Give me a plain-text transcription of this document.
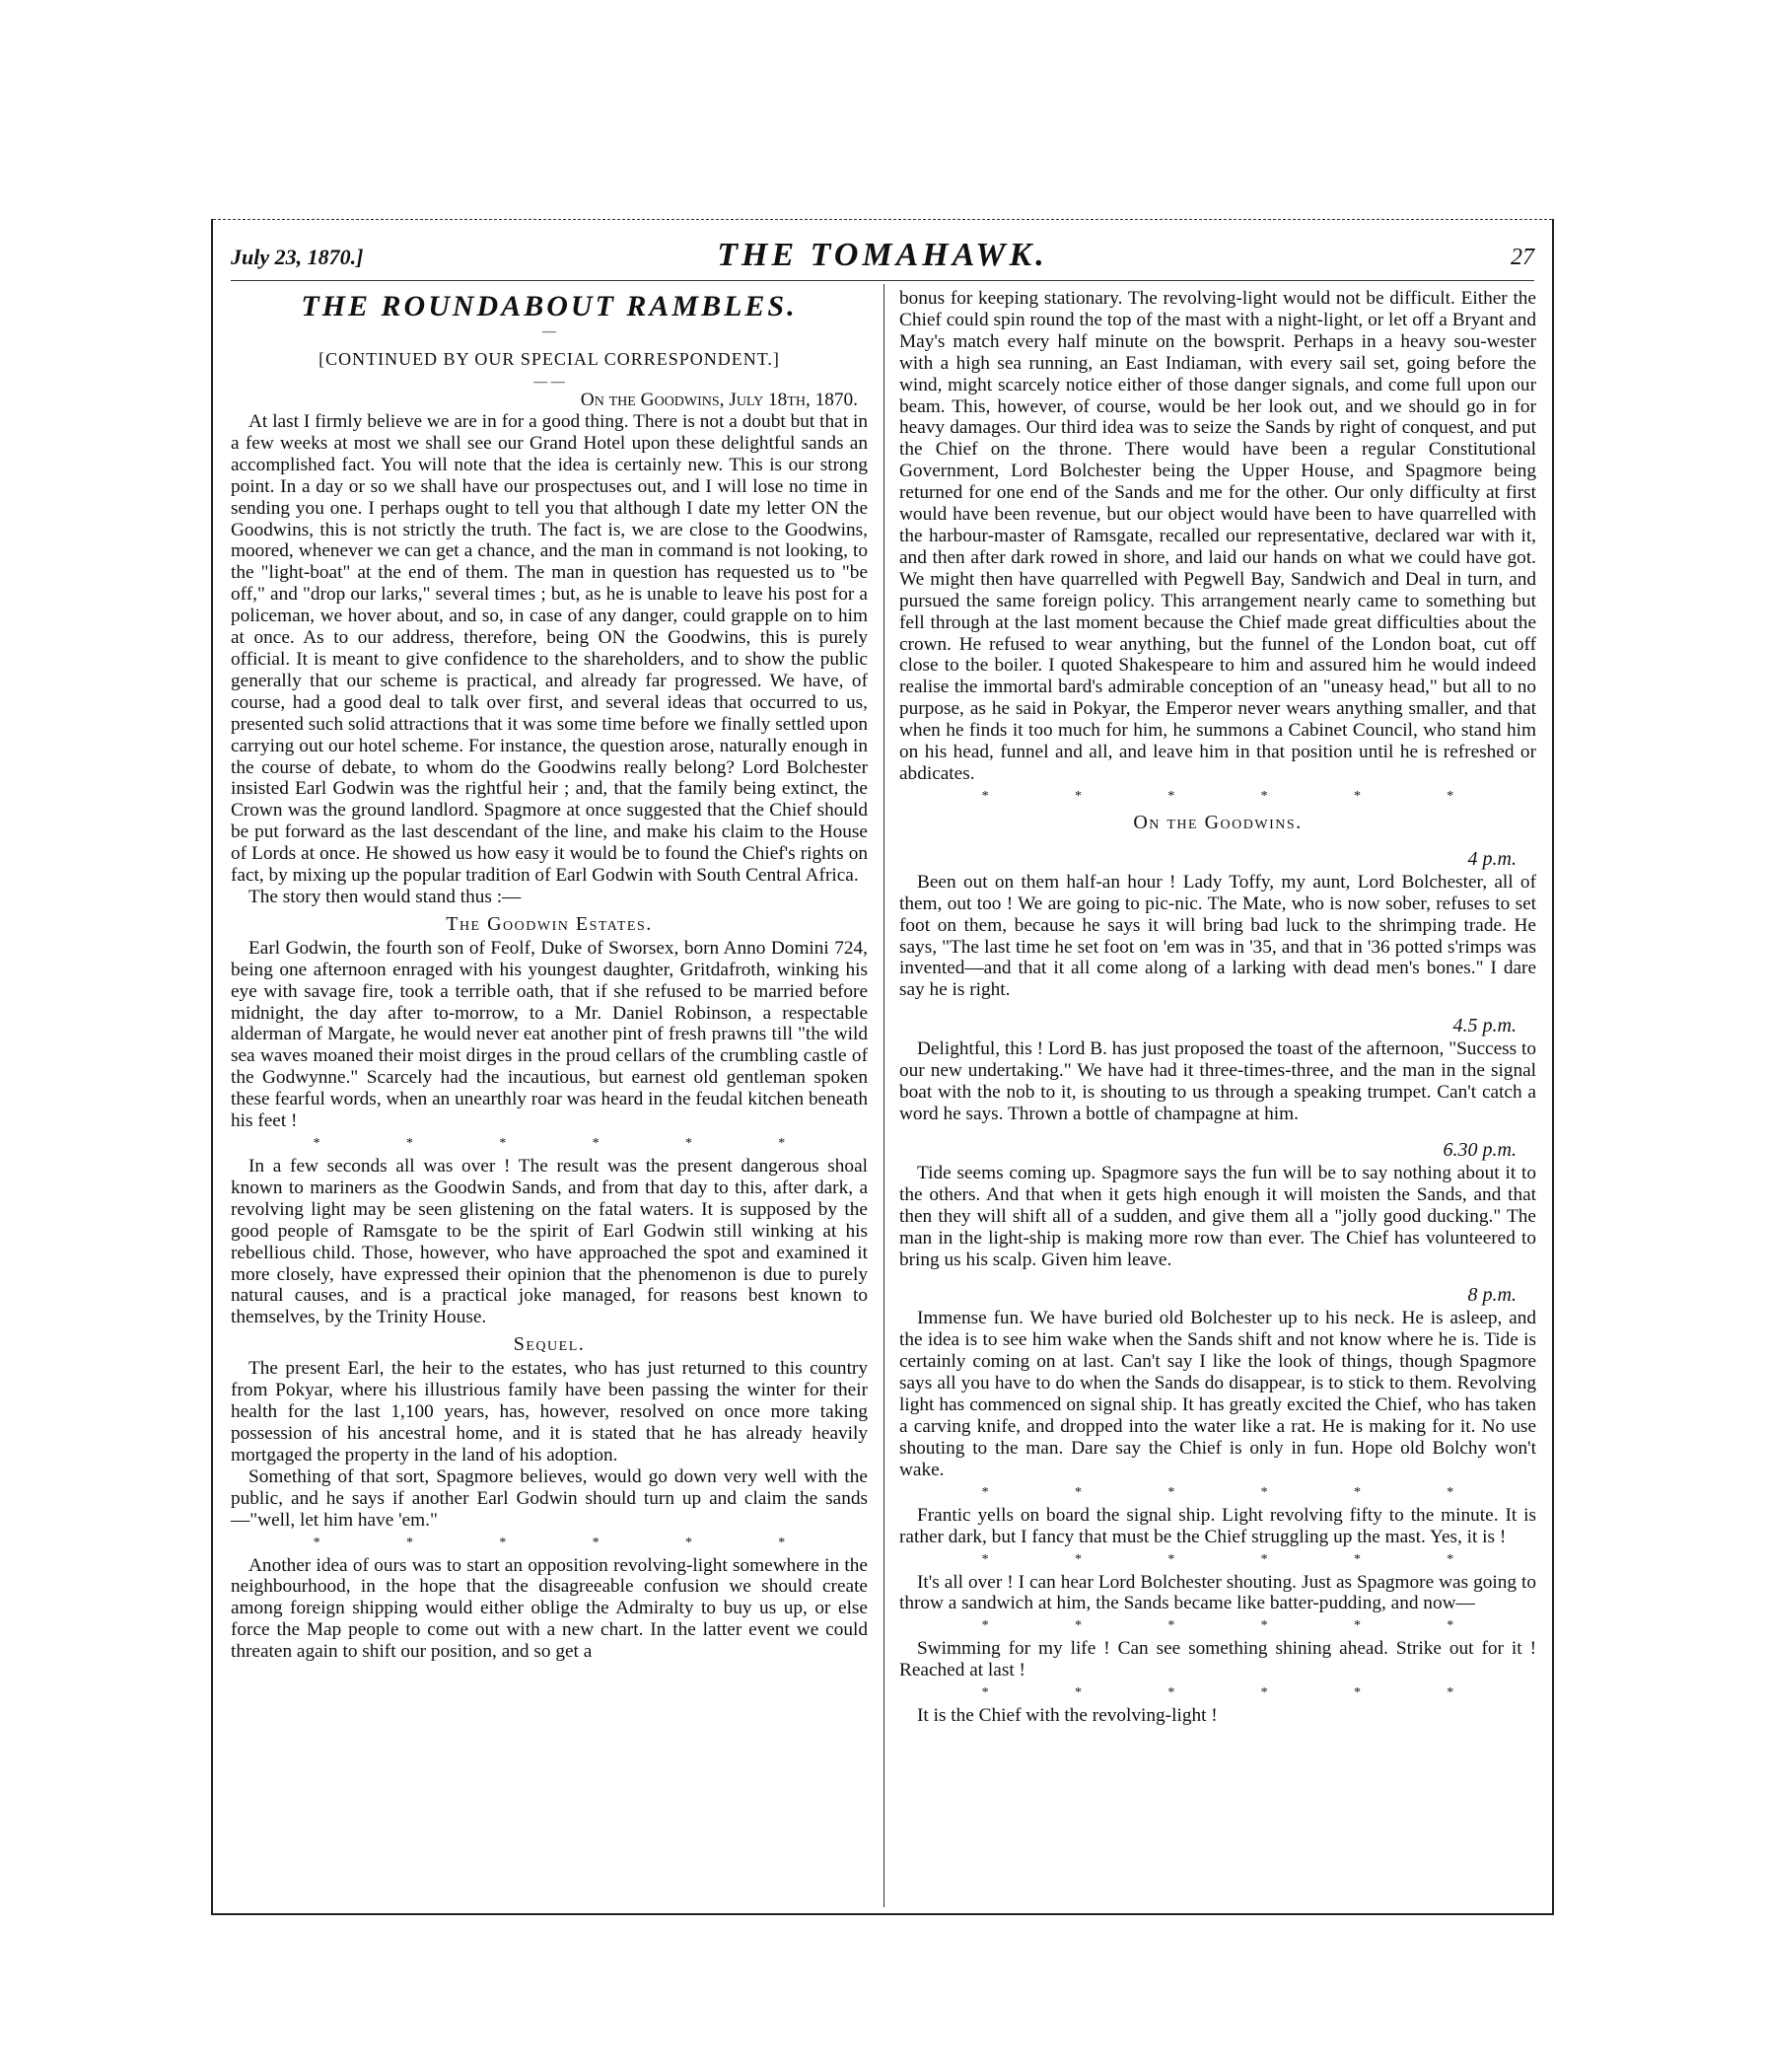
July 23, 1870.]	THE TOMAHAWK.	27
THE ROUNDABOUT RAMBLES.
—
[CONTINUED BY OUR SPECIAL CORRESPONDENT.]
— —
On the Goodwins, July 18th, 1870.

At last I firmly believe we are in for a good thing. There is not a doubt but that in a few weeks at most we shall see our Grand Hotel upon these delightful sands an accomplished fact. You will note that the idea is certainly new. This is our strong point. In a day or so we shall have our prospectuses out, and I will lose no time in sending you one. I perhaps ought to tell you that although I date my letter ON the Goodwins, this is not strictly the truth. The fact is, we are close to the Goodwins, moored, whenever we can get a chance, and the man in command is not looking, to the "light-boat" at the end of them. The man in question has requested us to "be off," and "drop our larks," several times ; but, as he is unable to leave his post for a policeman, we hover about, and so, in case of any danger, could grapple on to him at once. As to our address, therefore, being ON the Goodwins, this is purely official. It is meant to give confidence to the shareholders, and to show the public generally that our scheme is practical, and already far progressed. We have, of course, had a good deal to talk over first, and several ideas that occurred to us, presented such solid attractions that it was some time before we finally settled upon carrying out our hotel scheme. For instance, the question arose, naturally enough in the course of debate, to whom do the Goodwins really belong? Lord Bolchester insisted Earl Godwin was the rightful heir ; and, that the family being extinct, the Crown was the ground landlord. Spagmore at once suggested that the Chief should be put forward as the last descendant of the line, and make his claim to the House of Lords at once. He showed us how easy it would be to found the Chief's rights on fact, by mixing up the popular tradition of Earl Godwin with South Central Africa.

The story then would stand thus :—

The Goodwin Estates.

Earl Godwin, the fourth son of Feolf, Duke of Sworsex, born Anno Domini 724, being one afternoon enraged with his youngest daughter, Gritdafroth, winking his eye with savage fire, took a terrible oath, that if she refused to be married before midnight, the day after to-morrow, to a Mr. Daniel Robinson, a respectable alderman of Margate, he would never eat another pint of fresh prawns till "the wild sea waves moaned their moist dirges in the proud cellars of the crumbling castle of the Godwynne." Scarcely had the incautious, but earnest old gentleman spoken these fearful words, when an unearthly roar was heard in the feudal kitchen beneath his feet !

*	*	*	*	*	*

In a few seconds all was over ! The result was the present dangerous shoal known to mariners as the Goodwin Sands, and from that day to this, after dark, a revolving light may be seen glistening on the fatal waters. It is supposed by the good people of Ramsgate to be the spirit of Earl Godwin still winking at his rebellious child. Those, however, who have approached the spot and examined it more closely, have expressed their opinion that the phenomenon is due to purely natural causes, and is a practical joke managed, for reasons best known to themselves, by the Trinity House.

Sequel.

The present Earl, the heir to the estates, who has just returned to this country from Pokyar, where his illustrious family have been passing the winter for their health for the last 1,100 years, has, however, resolved on once more taking possession of his ancestral home, and it is stated that he has already heavily mortgaged the property in the land of his adoption.

Something of that sort, Spagmore believes, would go down very well with the public, and he says if another Earl Godwin should turn up and claim the sands—"well, let him have 'em."

*	*	*	*	*	*

Another idea of ours was to start an opposition revolving-light somewhere in the neighbourhood, in the hope that the disagreeable confusion we should create among foreign shipping would either oblige the Admiralty to buy us up, or else force the Map people to come out with a new chart. In the latter event we could threaten again to shift our position, and so get a

bonus for keeping stationary. The revolving-light would not be difficult. Either the Chief could spin round the top of the mast with a night-light, or let off a Bryant and May's match every half minute on the bowsprit. Perhaps in a heavy sou-wester with a high sea running, an East Indiaman, with every sail set, going before the wind, might scarcely notice either of those danger signals, and come full upon our beam. This, however, of course, would be her look out, and we should go in for heavy damages. Our third idea was to seize the Sands by right of conquest, and put the Chief on the throne. There would have been a regular Constitutional Government, Lord Bolchester being the Upper House, and Spagmore being returned for one end of the Sands and me for the other. Our only difficulty at first would have been revenue, but our object would have been to have quarrelled with the harbour-master of Ramsgate, recalled our representative, declared war with it, and then after dark rowed in shore, and laid our hands on what we could have got. We might then have quarrelled with Pegwell Bay, Sandwich and Deal in turn, and pursued the same foreign policy. This arrangement nearly came to something but fell through at the last moment because the Chief made great difficulties about the crown. He refused to wear anything, but the funnel of the London boat, cut off close to the boiler. I quoted Shakespeare to him and assured him he would indeed realise the immortal bard's admirable conception of an "uneasy head," but all to no purpose, as he said in Pokyar, the Emperor never wears anything smaller, and that when he finds it too much for him, he summons a Cabinet Council, who stand him on his head, funnel and all, and leave him in that position until he is refreshed or abdicates.

*	*	*	*	*	*
On the Goodwins.
4 p.m.

Been out on them half-an hour ! Lady Toffy, my aunt, Lord Bolchester, all of them, out too ! We are going to pic-nic. The Mate, who is now sober, refuses to set foot on them, because he says it will bring bad luck to the shrimping trade. He says, "The last time he set foot on 'em was in '35, and that in '36 potted s'rimps was invented—and that it all come along of a larking with dead men's bones." I dare say he is right.

4.5 p.m.

Delightful, this ! Lord B. has just proposed the toast of the afternoon, "Success to our new undertaking." We have had it three-times-three, and the man in the signal boat with the nob to it, is shouting to us through a speaking trumpet. Can't catch a word he says. Thrown a bottle of champagne at him.

6.30 p.m.

Tide seems coming up. Spagmore says the fun will be to say nothing about it to the others. And that when it gets high enough it will moisten the Sands, and that then they will shift all of a sudden, and give them all a "jolly good ducking." The man in the light-ship is making more row than ever. The Chief has volunteered to bring us his scalp. Given him leave.

8 p.m.

Immense fun. We have buried old Bolchester up to his neck. He is asleep, and the idea is to see him wake when the Sands shift and not know where he is. Tide is certainly coming on at last. Can't say I like the look of things, though Spagmore says all you have to do when the Sands do disappear, is to stick to them. Revolving light has commenced on signal ship. It has greatly excited the Chief, who has taken a carving knife, and dropped into the water like a rat. He is making for it. No use shouting to the man. Dare say the Chief is only in fun. Hope old Bolchy won't wake.

*	*	*	*	*	*

Frantic yells on board the signal ship. Light revolving fifty to the minute. It is rather dark, but I fancy that must be the Chief struggling up the mast. Yes, it is !

*	*	*	*	*	*

It's all over ! I can hear Lord Bolchester shouting. Just as Spagmore was going to throw a sandwich at him, the Sands became like batter-pudding, and now—

*	*	*	*	*	*

Swimming for my life ! Can see something shining ahead. Strike out for it ! Reached at last !

*	*	*	*	*	*

It is the Chief with the revolving-light !
